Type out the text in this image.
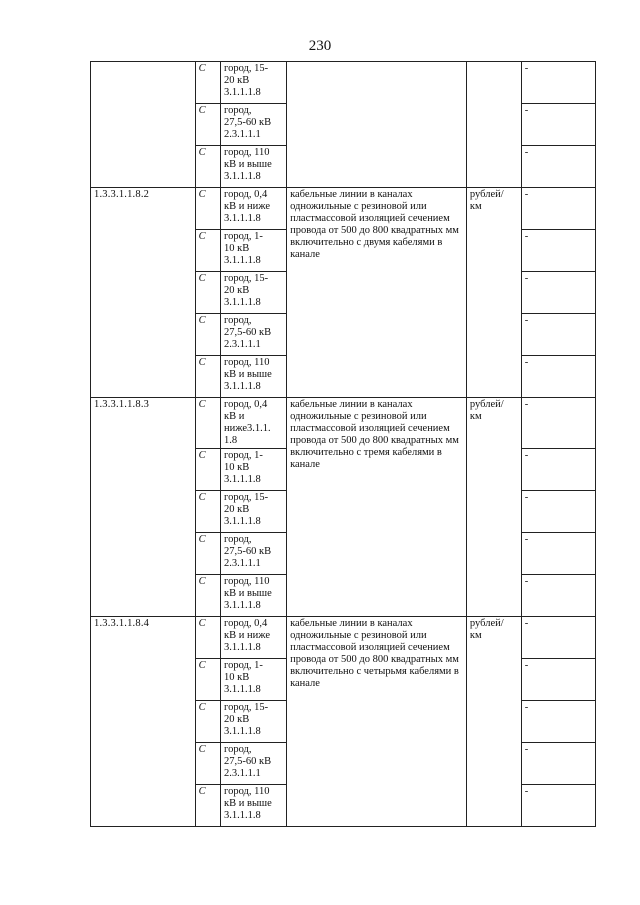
230
	С	город, 15-
20 кВ
3.1.1.1.8			-
	С	город,
27,5-60 кВ
2.3.1.1.1			-
	С	город, 110
кВ и выше
3.1.1.1.8			-
1.3.3.1.1.8.2	С	город, 0,4
кВ и ниже
3.1.1.1.8	кабельные линии в каналах одножильные с резиновой или пластмассовой изоляцией сечением провода от 500 до 800 квадратных мм включительно с двумя кабелями в канале	рублей/ км	-
	С	город, 1-
10 кВ
3.1.1.1.8			-
	С	город, 15-
20 кВ
3.1.1.1.8			-
	С	город,
27,5-60 кВ
2.3.1.1.1			-
	С	город, 110
кВ и выше
3.1.1.1.8			-
1.3.3.1.1.8.3	С	город, 0,4
кВ и
ниже3.1.1.
1.8	кабельные линии в каналах одножильные с резиновой или пластмассовой изоляцией сечением провода от 500 до 800 квадратных мм включительно с тремя кабелями в канале	рублей/ км	-
	С	город, 1-
10 кВ
3.1.1.1.8			-
	С	город, 15-
20 кВ
3.1.1.1.8			-
	С	город,
27,5-60 кВ
2.3.1.1.1			-
	С	город, 110
кВ и выше
3.1.1.1.8			-
1.3.3.1.1.8.4	С	город, 0,4
кВ и ниже
3.1.1.1.8	кабельные линии в каналах одножильные с резиновой или пластмассовой изоляцией сечением провода от 500 до 800 квадратных мм включительно с четырьмя кабелями в канале	рублей/ км	-
	С	город, 1-
10 кВ
3.1.1.1.8			-
	С	город, 15-
20 кВ
3.1.1.1.8			-
	С	город,
27,5-60 кВ
2.3.1.1.1			-
	С	город, 110
кВ и выше
3.1.1.1.8			-
